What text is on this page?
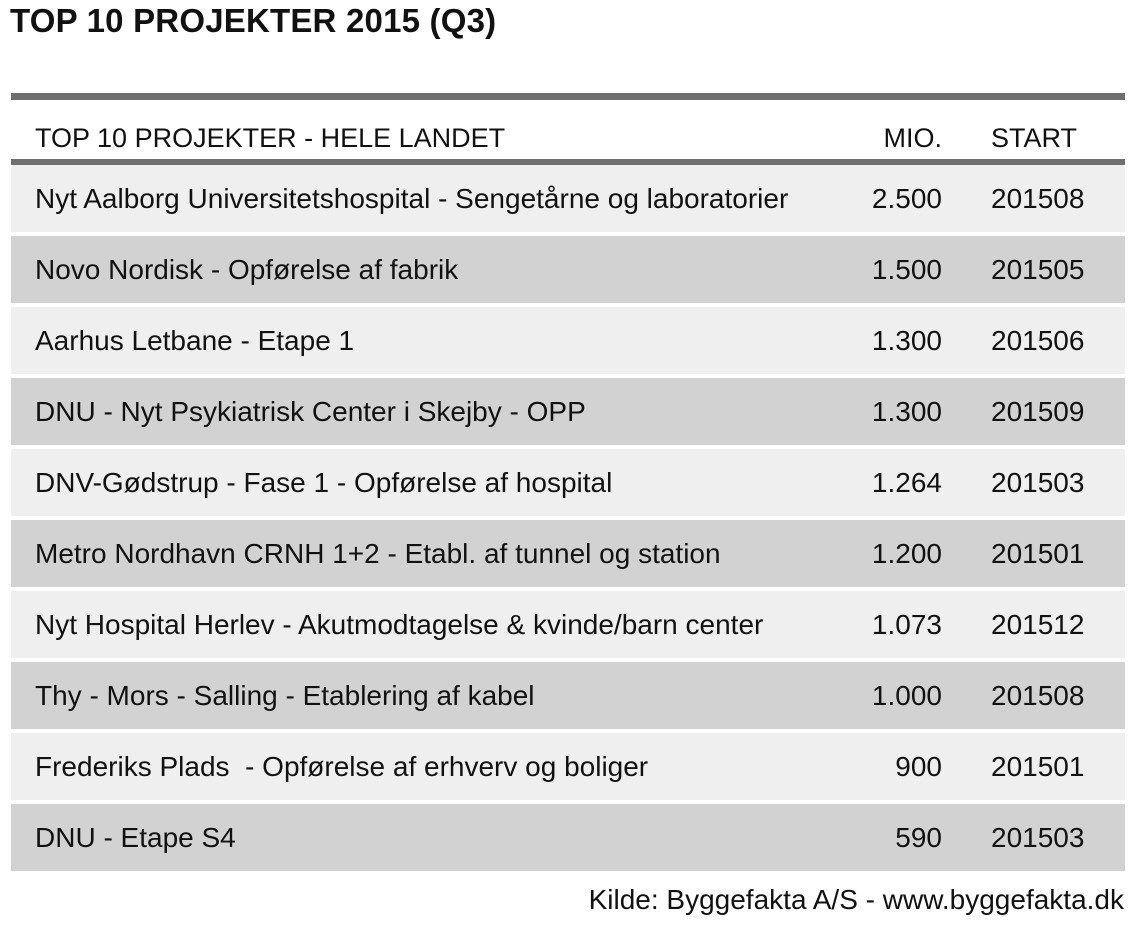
TOP 10 PROJEKTER 2015 (Q3)
TOP 10 PROJEKTER - HELE LANDET	MIO. START
Nyt Aalborg Universitetshospital - Sengetårne og laboratorier	2.500 201508
Novo Nordisk - Opførelse af fabrik	1.500 201505
Aarhus Letbane - Etape 1	1.300 201506
DNU - Nyt Psykiatrisk Center i Skejby - OPP	1.300 201509
DNV-Gødstrup - Fase 1 - Opførelse af hospital	1.264 201503
Metro Nordhavn CRNH 1+2 - Etabl. af tunnel og station	1.200 201501
Nyt Hospital Herlev - Akutmodtagelse & kvinde/barn center	1.073 201512
Thy - Mors - Salling - Etablering af kabel	1.000 201508
Frederiks Plads  - Opførelse af erhverv og boliger	900 201501
DNU - Etape S4	590 201503
Kilde: Byggefakta A/S - www.byggefakta.dk
